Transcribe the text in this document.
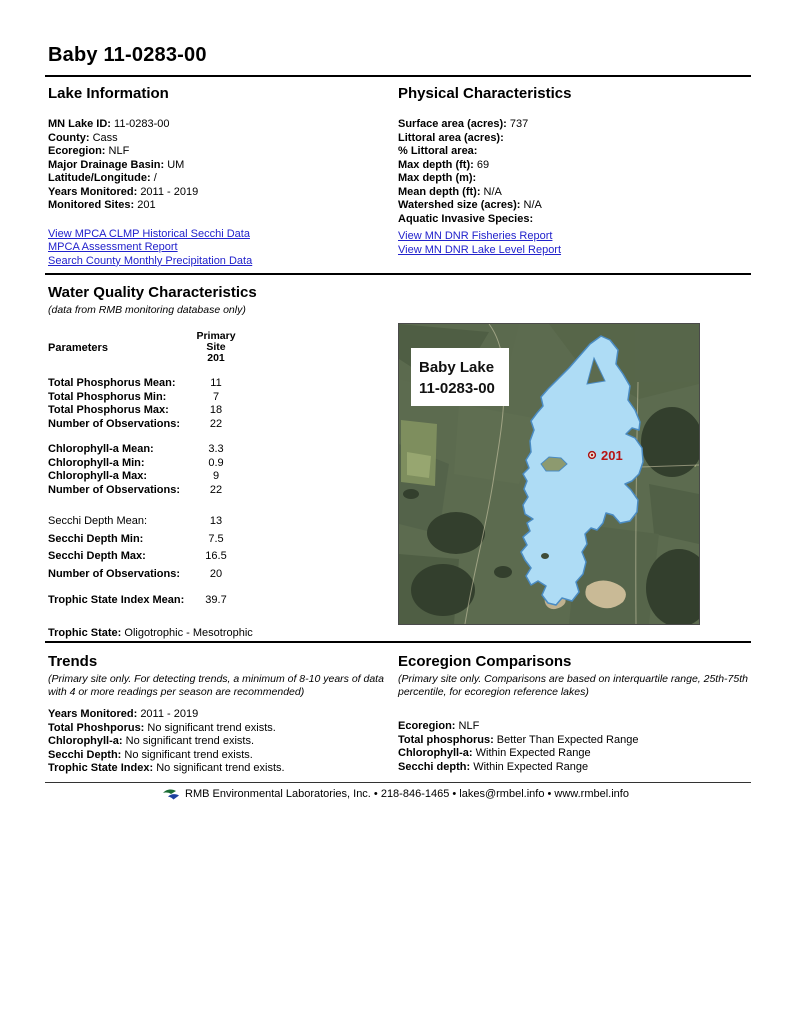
Baby 11-0283-00
Lake Information
MN Lake ID: 11-0283-00
County: Cass
Ecoregion: NLF
Major Drainage Basin: UM
Latitude/Longitude: /
Years Monitored: 2011 - 2019
Monitored Sites: 201
View MPCA CLMP Historical Secchi Data
MPCA Assessment Report
Search County Monthly Precipitation Data
Physical Characteristics
Surface area (acres): 737
Littoral area (acres):
% Littoral area:
Max depth (ft): 69
Max depth (m):
Mean depth (ft): N/A
Watershed size (acres): N/A
Aquatic Invasive Species:
View MN DNR Fisheries Report
View MN DNR Lake Level Report
Water Quality Characteristics
(data from RMB monitoring database only)
Parameters
Primary
Site
201
Total Phosphorus Mean:	11
Total Phosphorus Min:	7
Total Phosphorus Max:	18
Number of Observations:	22
Chlorophyll-a Mean:	3.3
Chlorophyll-a Min:	0.9
Chlorophyll-a Max:	9
Number of Observations:	22
Secchi Depth Mean:	13
Secchi Depth Min:	7.5
Secchi Depth Max:	16.5
Number of Observations:	20
Trophic State Index Mean:	39.7
Trophic State: Oligotrophic - Mesotrophic
201
Baby Lake
11-0283-00
Trends
(Primary site only. For detecting trends, a minimum of 8-10 years of data with 4 or more readings per season are recommended)
Years Monitored: 2011 - 2019
Total Phoshporus: No significant trend exists.
Chlorophyll-a: No significant trend exists.
Secchi Depth: No significant trend exists.
Trophic State Index: No significant trend exists.
Ecoregion Comparisons
(Primary site only. Comparisons are based on interquartile range, 25th-75th percentile, for ecoregion reference lakes)
Ecoregion: NLF
Total phosphorus: Better Than Expected Range
Chlorophyll-a: Within Expected Range
Secchi depth: Within Expected Range
RMB Environmental Laboratories, Inc. • 218-846-1465 • lakes@rmbel.info • www.rmbel.info
